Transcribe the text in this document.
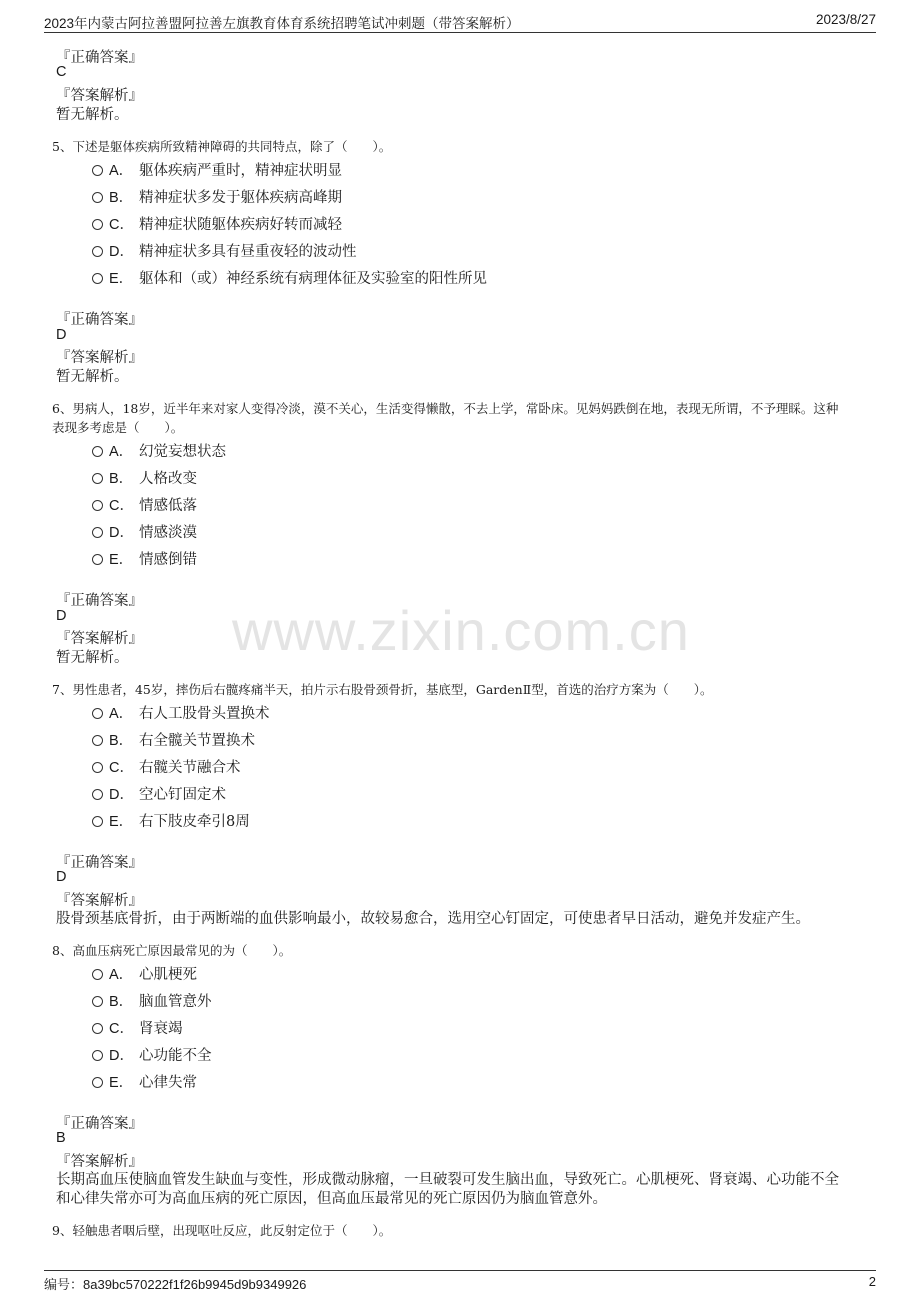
2023年内蒙古阿拉善盟阿拉善左旗教育体育系统招聘笔试冲刺题（带答案解析）	2023/8/27
www.zixin.com.cn
『正确答案』
C
『答案解析』
暂无解析。
5、下述是躯体疾病所致精神障碍的共同特点，除了（　　）。
A． 躯体疾病严重时，精神症状明显
B． 精神症状多发于躯体疾病高峰期
C． 精神症状随躯体疾病好转而减轻
D． 精神症状多具有昼重夜轻的波动性
E． 躯体和（或）神经系统有病理体征及实验室的阳性所见
『正确答案』
D
『答案解析』
暂无解析。
6、男病人，18岁，近半年来对家人变得冷淡，漠不关心，生活变得懒散，不去上学，常卧床。见妈妈跌倒在地，表现无所谓，不予理睬。这种
表现多考虑是（　　）。
A． 幻觉妄想状态
B． 人格改变
C． 情感低落
D． 情感淡漠
E． 情感倒错
『正确答案』
D
『答案解析』
暂无解析。
7、男性患者，45岁，摔伤后右髋疼痛半天，拍片示右股骨颈骨折，基底型，GardenⅡ型，首选的治疗方案为（　　）。
A． 右人工股骨头置换术
B． 右全髋关节置换术
C． 右髋关节融合术
D． 空心钉固定术
E． 右下肢皮牵引8周
『正确答案』
D
『答案解析』
股骨颈基底骨折，由于两断端的血供影响最小，故较易愈合，选用空心钉固定，可使患者早日活动，避免并发症产生。
8、高血压病死亡原因最常见的为（　　）。
A． 心肌梗死
B． 脑血管意外
C． 肾衰竭
D． 心功能不全
E． 心律失常
『正确答案』
B
『答案解析』
长期高血压使脑血管发生缺血与变性，形成微动脉瘤，一旦破裂可发生脑出血，导致死亡。心肌梗死、肾衰竭、心功能不全
和心律失常亦可为高血压病的死亡原因，但高血压最常见的死亡原因仍为脑血管意外。
9、轻触患者咽后壁，出现呕吐反应，此反射定位于（　　）。
编号：8a39bc570222f1f26b9945d9b9349926	2
